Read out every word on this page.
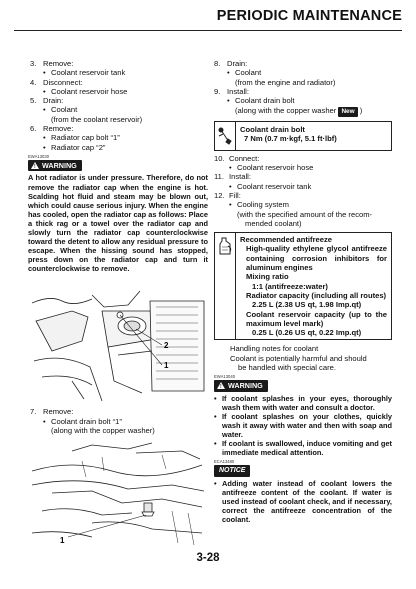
PERIODIC MAINTENANCE
3. Remove:
• Coolant reservoir tank
4. Disconnect:
• Coolant reservoir hose
5. Drain:
• Coolant
(from the coolant reservoir)
6. Remove:
• Radiator cap bolt “1”
• Radiator cap “2”
EWA13030
!
WARNING
A hot radiator is under pressure. Therefore, do not remove the radiator cap when the engine is hot. Scalding hot fluid and steam may be blown out, which could cause serious injury. When the engine has cooled, open the radiator cap as follows: Place a thick rag or a towel over the radiator cap and slowly turn the radiator cap counterclockwise toward the detent to allow any residual pressure to escape. When the hissing sound has stopped, press down on the radiator cap and turn it counterclockwise to remove.
2
1
7. Remove:
• Coolant drain bolt “1”
(along with the copper washer)
1
8. Drain:
• Coolant
(from the engine and radiator)
9. Install:
• Coolant drain bolt
(along with the copper washer New )
Coolant drain bolt
7 Nm (0.7 m·kgf, 5.1 ft·lbf)
10. Connect:
• Coolant reservoir hose
11. Install:
• Coolant reservoir tank
12. Fill:
• Cooling system
(with the specified amount of the recom-
mended coolant)
Recommended antifreeze
High-quality ethylene glycol antifreeze containing corrosion inhibitors for aluminum engines
Mixing ratio
1:1 (antifreeze:water)
Radiator capacity (including all routes)
2.25 L (2.38 US qt, 1.98 Imp.qt)
Coolant reservoir capacity (up to the maximum level mark)
0.25 L (0.26 US qt, 0.22 Imp.qt)
Handling notes for coolant
Coolant is potentially harmful and should
be handled with special care.
EWA13040
!
WARNING
• If coolant splashes in your eyes, thoroughly wash them with water and consult a doctor.
• If coolant splashes on your clothes, quickly wash it away with water and then with soap and water.
• If coolant is swallowed, induce vomiting and get immediate medical attention.
ECA13480
NOTICE
• Adding water instead of coolant lowers the antifreeze content of the coolant. If water is used instead of coolant check, and if necessary, correct the antifreeze concentration of the coolant.
3-28
